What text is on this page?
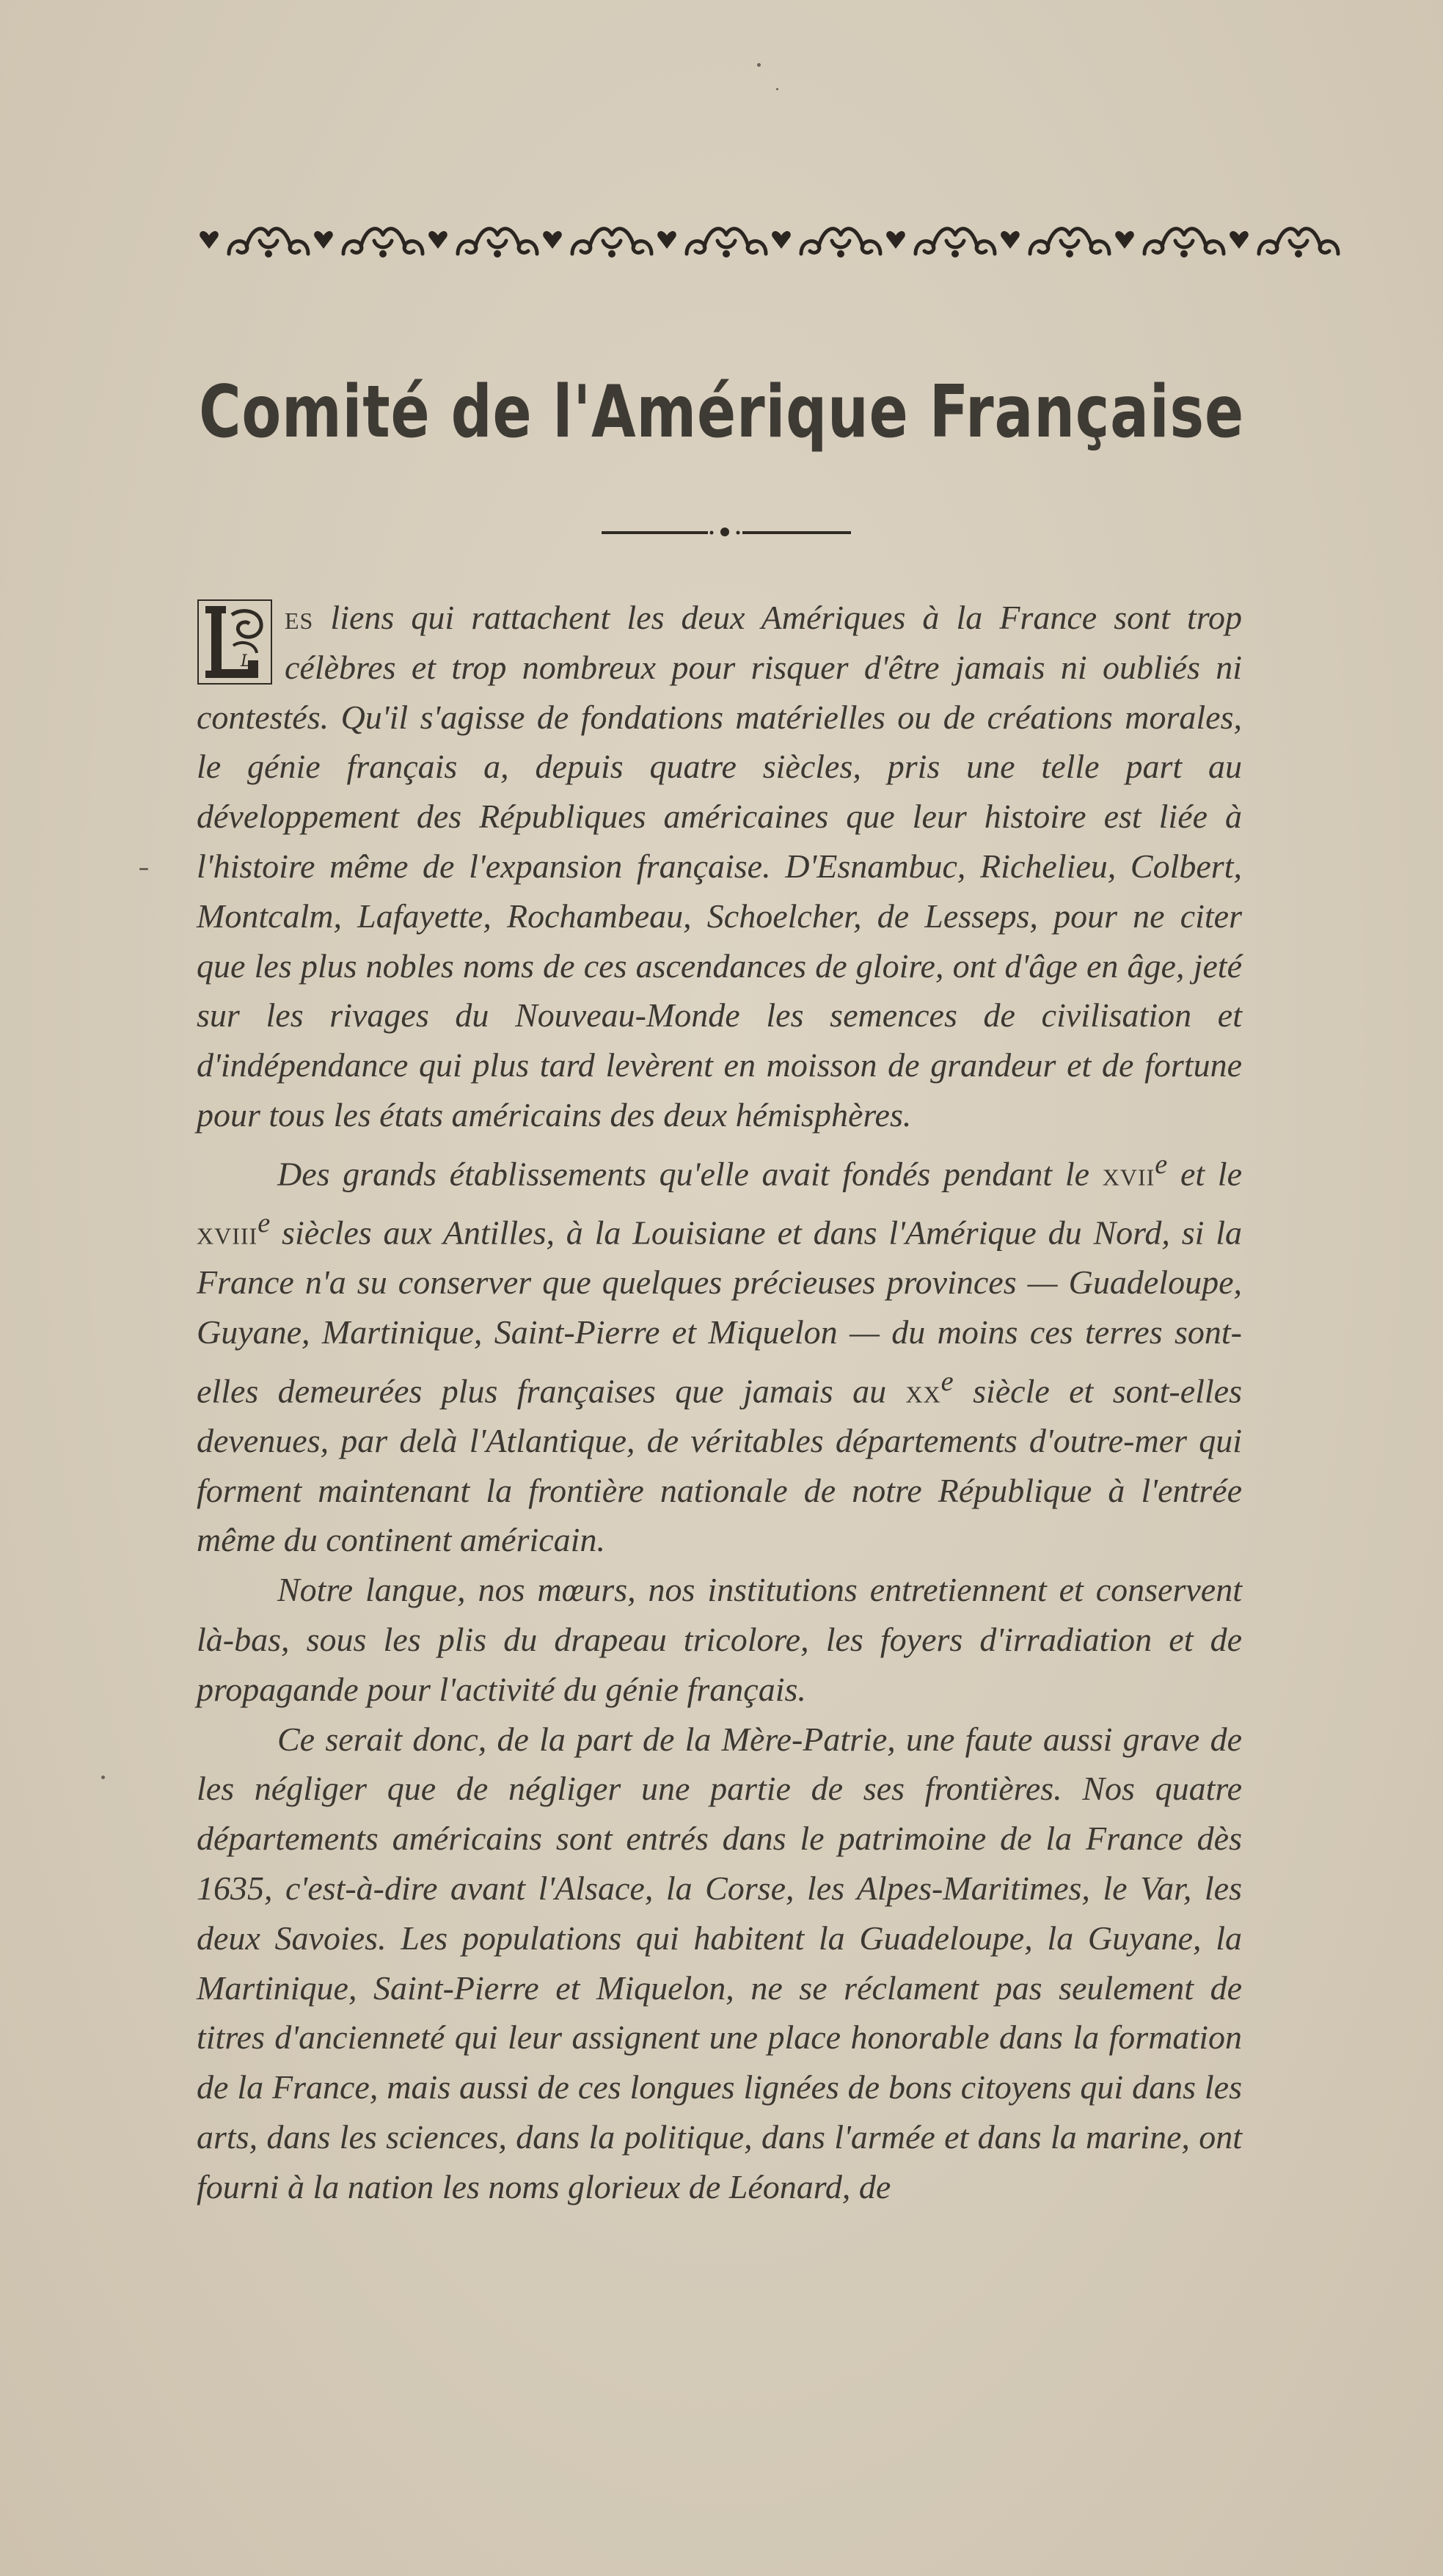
Comité de l'Amérique Française

L
es liens qui rattachent les deux Amériques à la France sont trop célèbres et trop nombreux pour risquer d'être jamais ni oubliés ni contestés. Qu'il s'agisse de fondations matérielles ou de créations morales, le génie français a, depuis quatre siècles, pris une telle part au développement des Républiques américaines que leur histoire est liée à l'histoire même de l'expansion française. D'Esnambuc, Richelieu, Colbert, Montcalm, Lafayette, Rochambeau, Schoelcher, de Lesseps, pour ne citer que les plus nobles noms de ces ascendances de gloire, ont d'âge en âge, jeté sur les rivages du Nouveau-Monde les semences de civilisation et d'indépendance qui plus tard levèrent en moisson de grandeur et de fortune pour tous les états américains des deux hémisphères.

Des grands établissements qu'elle avait fondés pendant le xvii$^e$ et le xviii$^e$ siècles aux Antilles, à la Louisiane et dans l'Amérique du Nord, si la France n'a su conserver que quelques précieuses provinces — Guadeloupe, Guyane, Martinique, Saint-Pierre et Miquelon — du moins ces terres sont-elles demeurées plus françaises que jamais au $xx^e$ siècle et sont-elles devenues, par delà l'Atlantique, de véritables départements d'outre-mer qui forment maintenant la frontière nationale de notre République à l'entrée même du continent américain.

Notre langue, nos mœurs, nos institutions entretiennent et conservent là-bas, sous les plis du drapeau tricolore, les foyers d'irradiation et de propagande pour l'activité du génie français.

Ce serait donc, de la part de la Mère-Patrie, une faute aussi grave de les négliger que de négliger une partie de ses frontières. Nos quatre départements américains sont entrés dans le patrimoine de la France dès 1635, c'est-à-dire avant l'Alsace, la Corse, les Alpes-Maritimes, le Var, les deux Savoies. Les populations qui habitent la Guadeloupe, la Guyane, la Martinique, Saint-Pierre et Miquelon, ne se réclament pas seulement de titres d'ancienneté qui leur assignent une place honorable dans la formation de la France, mais aussi de ces longues lignées de bons citoyens qui dans les arts, dans les sciences, dans la politique, dans l'armée et dans la marine, ont fourni à la nation les noms glorieux de Léonard, de
